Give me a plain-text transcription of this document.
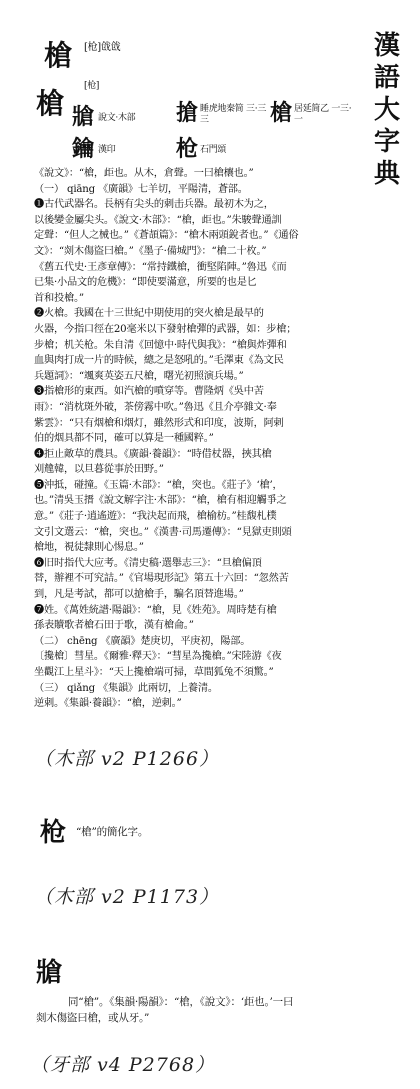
漢
語
大
字
典
槍 [枪]戗戗
槍
[枪]
牄 說文·木部 搶 睡虎地秦简 三·三三	槍 居延简乙 一三·一
鑰 漢印	枪 石門頌

《說文》：“槍，歫也。从木，倉聲。一曰槍欀也。”

（一） qiāng 《廣韻》七羊切，平陽清，蒼部。

❶古代武器名。長柄有尖头的刺击兵器。最初木为之，

以後變金屬尖头。《說文·木部》：“槍，歫也。”朱駿聲通訓

定聲：“但人之械也。”《蒼頡篇》：“槍木兩頭銳者也。”《通俗

文》：“剡木傷盜曰槍。”《墨子·備城門》：“槍二十枚。”

《舊五代史·王彥章傳》：“常持鐵槍，衝堅陷陣。”魯迅《而

已集·小品文的危機》：“即使要滿意，所要的也是匕

首和投槍。”

❷火槍。我國在十三世紀中期使用的突火槍是最早的

火器，今指口徑在20毫米以下發射槍彈的武器，如：步槍；

步槍；机关枪。朱自清《回憶中·時代與我》：“槍與炸彈和

血與肉打成一片的時候，總之是怒吼的。”毛澤東《為文民

兵題詞》：“颯爽英姿五尺槍，曙光初照演兵場。”

❸指槍形的東西。如汽槍的噴穿等。曹隆炳《吳中苦

雨》：“消枕斑外破，茶傍霧中吹。”魯迅《且介亭雜文·奉

紫雲》：“只有烟槍和烟灯，雖然形式和印度，波斯，阿剌

伯的烟具都不同，確可以算是一種國粹。”

❹拒止敵草的農具。《廣韻·養韻》：“時借杖器，挾其槍

刈韑韓，以旦暮從事於田野。”

❺沖抵，碰撞。《玉篇·木部》：“槍，突也。《莊子》‘槍’，

也。”清吳玉搢《說文解字注·木部》：“槍，槍有相迎觸爭之

意。”《莊子·逍遙遊》：“我決起而飛，槍榆枋。”桂馥札樸

文引文選云：“槍，突也。”《漢書·司馬遷傳》：“見獄吏則頭

槍地，視徒隸則心惕息。”

❻旧时指代大应考。《清史稿·選舉志三》：“旦槍偏頂

替，辦裡不可究詰。”《官場現形記》第五十六回：“忽然苦

到，凡是考試，都可以搶槍手，騙名頂替進場。”

❼姓。《萬姓統譜·陽韻》：“槍，見《姓苑》。周時楚有槍

孫表贖歌者槍石田于歌，漢有槍侖。”

（二） chēng 《廣韻》楚庚切，平庚初，陽部。

〔攙槍〕彗星。《爾雅·釋天》：“彗星為攙槍。”宋陸游《夜

坐觀江上星斗》：“天上攙槍端可掃，草間狐兔不須驚。”

（三） qiǎng 《集韻》此兩切，上養清。

逆刺。《集韻·養韻》：“槍，逆刺。”

（木部 v2 P1266）
枪 “槍”的簡化字。
（木部 v2 P1173）
牄
同“槍”。《集韻·陽韻》：“槍，《說文》：‘歫也。’一曰
剡木傷盜曰槍，或从牙。”
（牙部 v4 P2768）
